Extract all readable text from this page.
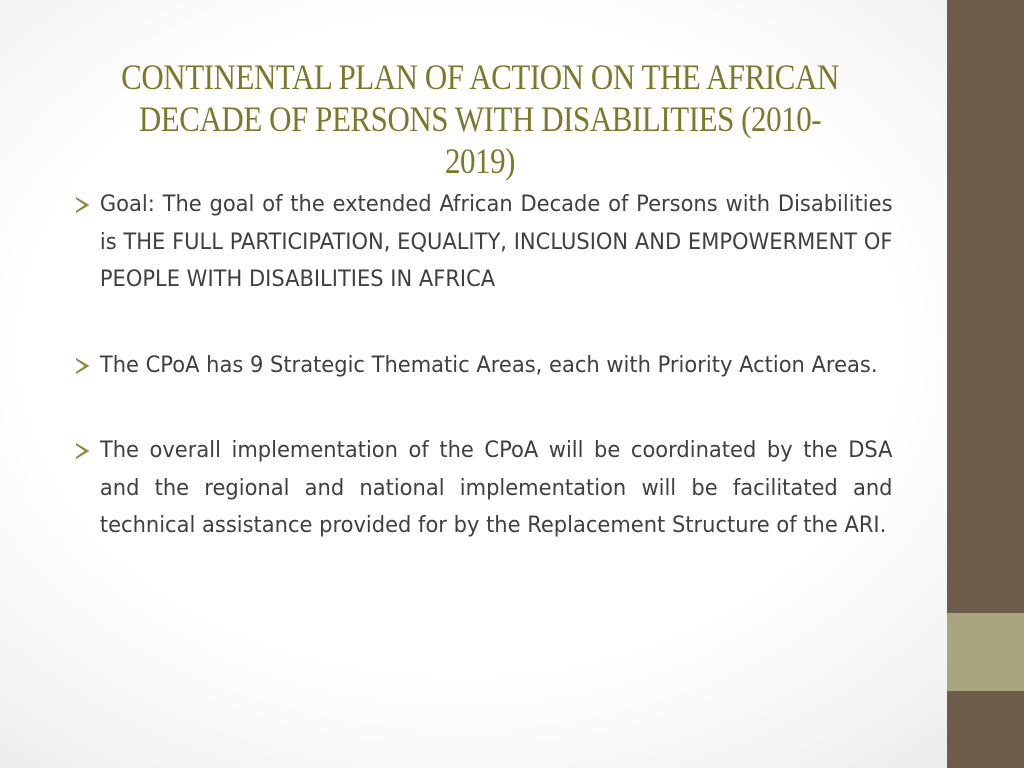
CONTINENTAL PLAN OF ACTION ON THE AFRICAN
DECADE OF PERSONS WITH DISABILITIES (2010-2019)
Goal: The goal of the extended African Decade of Persons with Disabilities is THE FULL PARTICIPATION, EQUALITY, INCLUSION AND EMPOWERMENT OF PEOPLE WITH DISABILITIES IN AFRICA
The CPoA has 9 Strategic Thematic Areas, each with Priority Action Areas.
The overall implementation of the CPoA will be coordinated by the DSA and the regional and national implementation will be facilitated and technical assistance provided for by the Replacement Structure of the ARI.
